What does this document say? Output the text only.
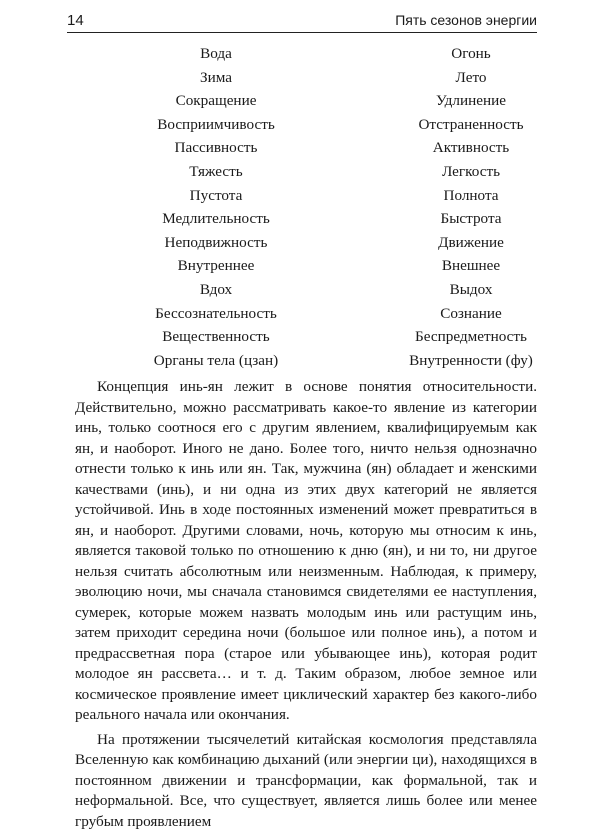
14	Пять сезонов энергии
Вода	Огонь
Зима	Лето
Сокращение	Удлинение
Восприимчивость	Отстраненность
Пассивность	Активность
Тяжесть	Легкость
Пустота	Полнота
Медлительность	Быстрота
Неподвижность	Движение
Внутреннее	Внешнее
Вдох	Выдох
Бессознательность	Сознание
Вещественность	Беспредметность
Органы тела (цзан)	Внутренности (фу)

Концепция инь-ян лежит в основе понятия относительности. Действительно, можно рассматривать какое-то явление из категории инь, только соотнося его с другим явлением, квалифицируемым как ян, и наоборот. Иного не дано. Более того, ничто нельзя однозначно отнести только к инь или ян. Так, мужчина (ян) обладает и женскими качествами (инь), и ни одна из этих двух категорий не является устойчивой. Инь в ходе постоянных изменений может превратиться в ян, и наоборот. Другими словами, ночь, которую мы относим к инь, является таковой только по отношению к дню (ян), и ни то, ни другое нельзя считать абсолютным или неизменным. Наблюдая, к примеру, эволюцию ночи, мы сначала становимся свидетелями ее наступления, сумерек, которые можем назвать молодым инь или растущим инь, затем приходит середина ночи (большое или полное инь), а потом и предрассветная пора (старое или убывающее инь), которая родит молодое ян рассвета… и т. д. Таким образом, любое земное или космическое проявление имеет циклический характер без какого-либо реального начала или окончания.

На протяжении тысячелетий китайская космология представляла Вселенную как комбинацию дыханий (или энергии ци), находящихся в постоянном движении и трансформации, как формальной, так и неформальной. Все, что существует, является лишь более или менее грубым проявлением
